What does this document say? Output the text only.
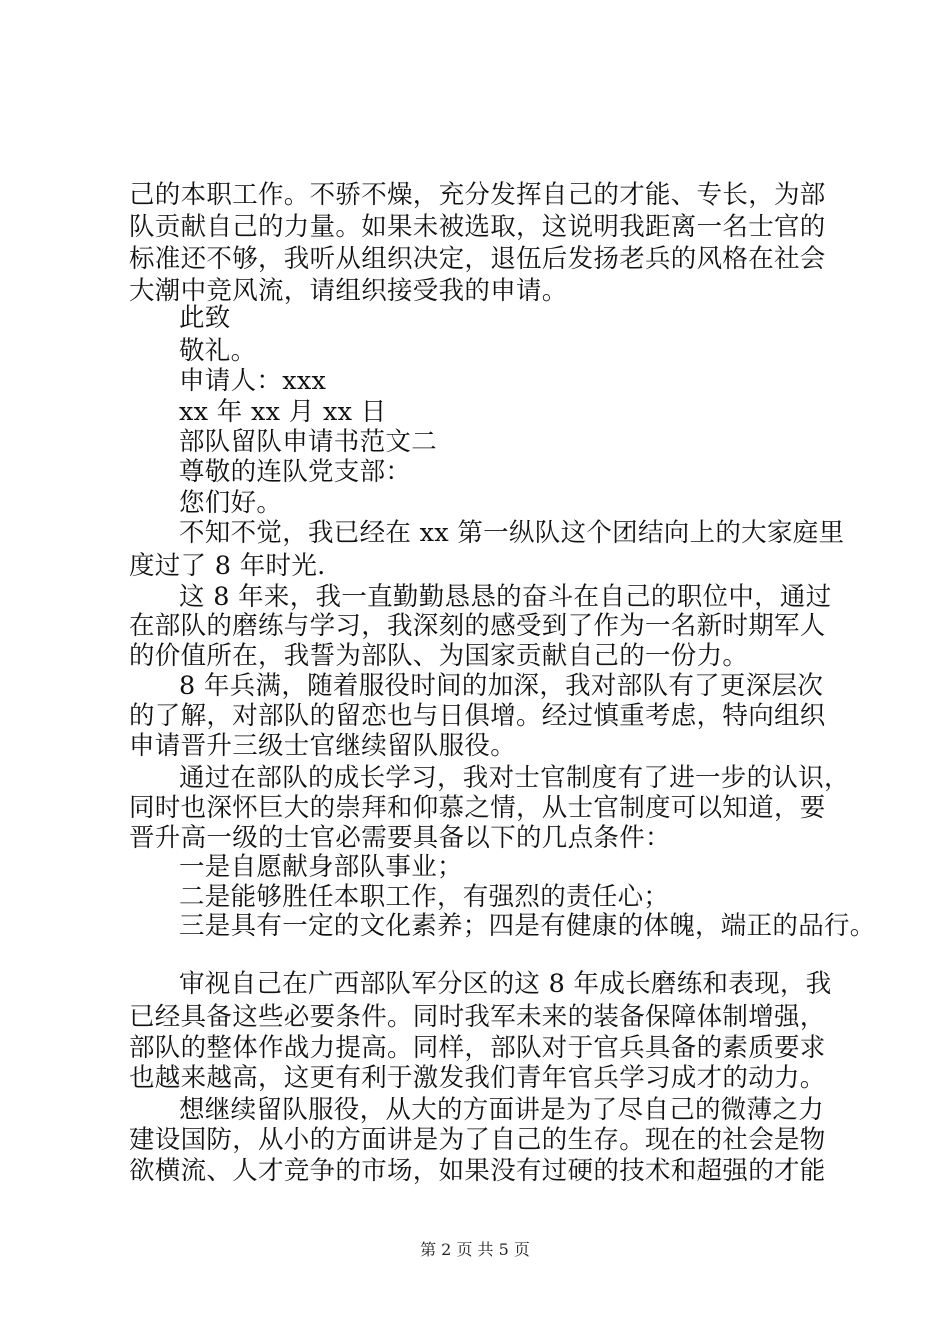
己的本职工作。不骄不燥，充分发挥自己的才能、专长，为部
队贡献自己的力量。如果未被选取，这说明我距离一名士官的
标准还不够，我听从组织决定，退伍后发扬老兵的风格在社会
大潮中竞风流，请组织接受我的申请。
此致
敬礼。
申请人：xxx
xx 年 xx 月 xx 日
部队留队申请书范文二
尊敬的连队党支部：
您们好。
不知不觉，我已经在 xx 第一纵队这个团结向上的大家庭里
度过了 8 年时光.
这 8 年来，我一直勤勤恳恳的奋斗在自己的职位中，通过
在部队的磨练与学习，我深刻的感受到了作为一名新时期军人
的价值所在，我誓为部队、为国家贡献自己的一份力。
8 年兵满，随着服役时间的加深，我对部队有了更深层次
的了解，对部队的留恋也与日俱增。经过慎重考虑，特向组织
申请晋升三级士官继续留队服役。
通过在部队的成长学习，我对士官制度有了进一步的认识，
同时也深怀巨大的崇拜和仰慕之情，从士官制度可以知道，要
晋升高一级的士官必需要具备以下的几点条件：
一是自愿献身部队事业；
二是能够胜任本职工作，有强烈的责任心；
三是具有一定的文化素养；四是有健康的体魄，端正的品行。
审视自己在广西部队军分区的这 8 年成长磨练和表现，我
已经具备这些必要条件。同时我军未来的装备保障体制增强，
部队的整体作战力提高。同样，部队对于官兵具备的素质要求
也越来越高，这更有利于激发我们青年官兵学习成才的动力。
想继续留队服役，从大的方面讲是为了尽自己的微薄之力
建设国防，从小的方面讲是为了自己的生存。现在的社会是物
欲横流、人才竞争的市场，如果没有过硬的技术和超强的才能
第 2 页 共 5 页
